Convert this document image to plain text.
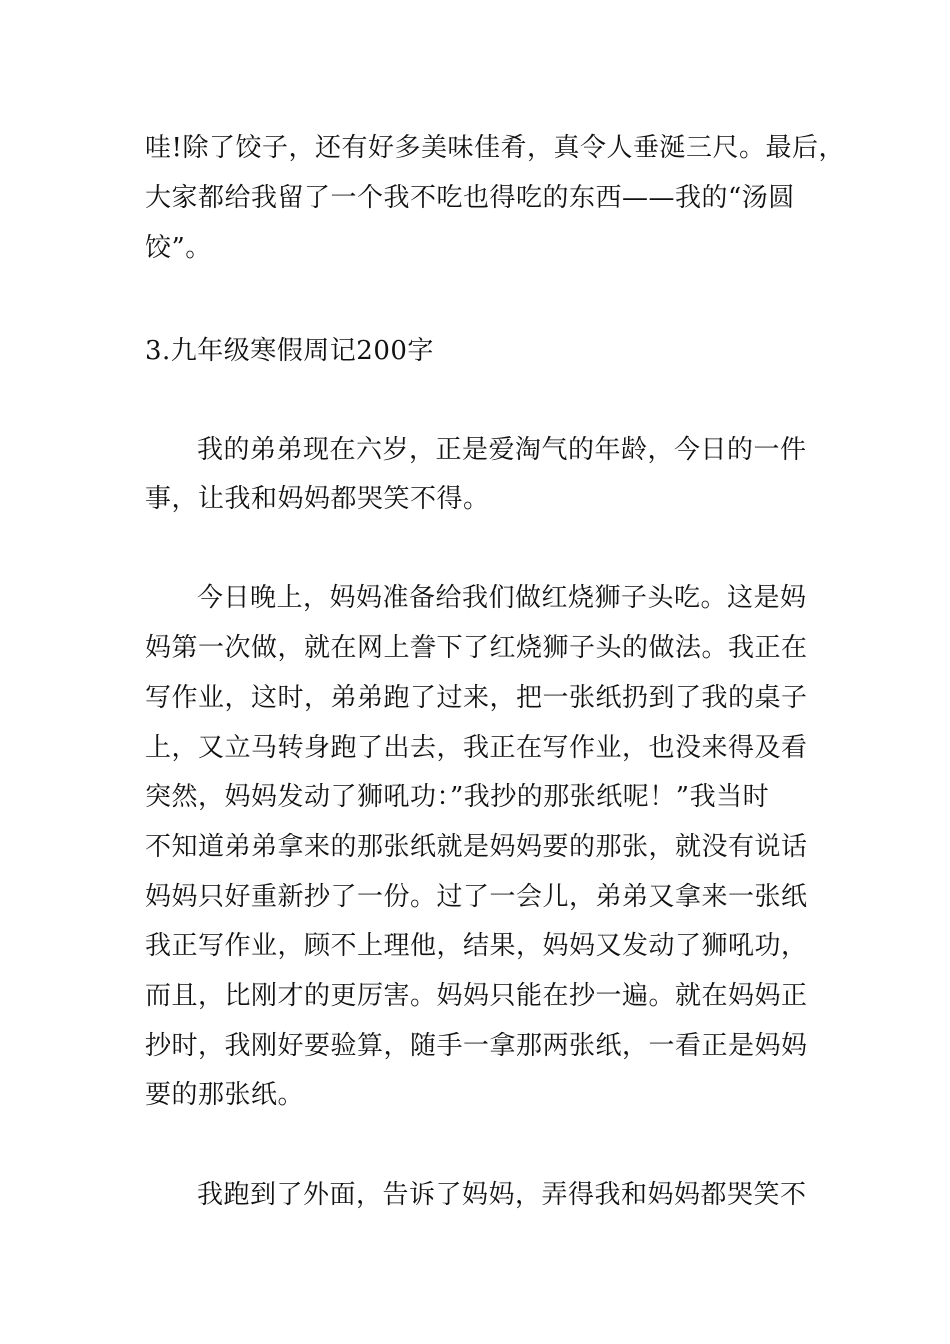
哇!除了饺子，还有好多美味佳肴，真令人垂涎三尺。最后，
大家都给我留了一个我不吃也得吃的东西——我的“汤圆
饺”。
3.九年级寒假周记200字
我的弟弟现在六岁，正是爱淘气的年龄，今日的一件
事，让我和妈妈都哭笑不得。
今日晚上，妈妈准备给我们做红烧狮子头吃。这是妈
妈第一次做，就在网上誊下了红烧狮子头的做法。我正在
写作业，这时，弟弟跑了过来，把一张纸扔到了我的桌子
上，又立马转身跑了出去，我正在写作业，也没来得及看
突然，妈妈发动了狮吼功：”我抄的那张纸呢！”我当时
不知道弟弟拿来的那张纸就是妈妈要的那张，就没有说话
妈妈只好重新抄了一份。过了一会儿，弟弟又拿来一张纸
我正写作业，顾不上理他，结果，妈妈又发动了狮吼功，
而且，比刚才的更厉害。妈妈只能在抄一遍。就在妈妈正
抄时，我刚好要验算，随手一拿那两张纸，一看正是妈妈
要的那张纸。
我跑到了外面，告诉了妈妈，弄得我和妈妈都哭笑不
